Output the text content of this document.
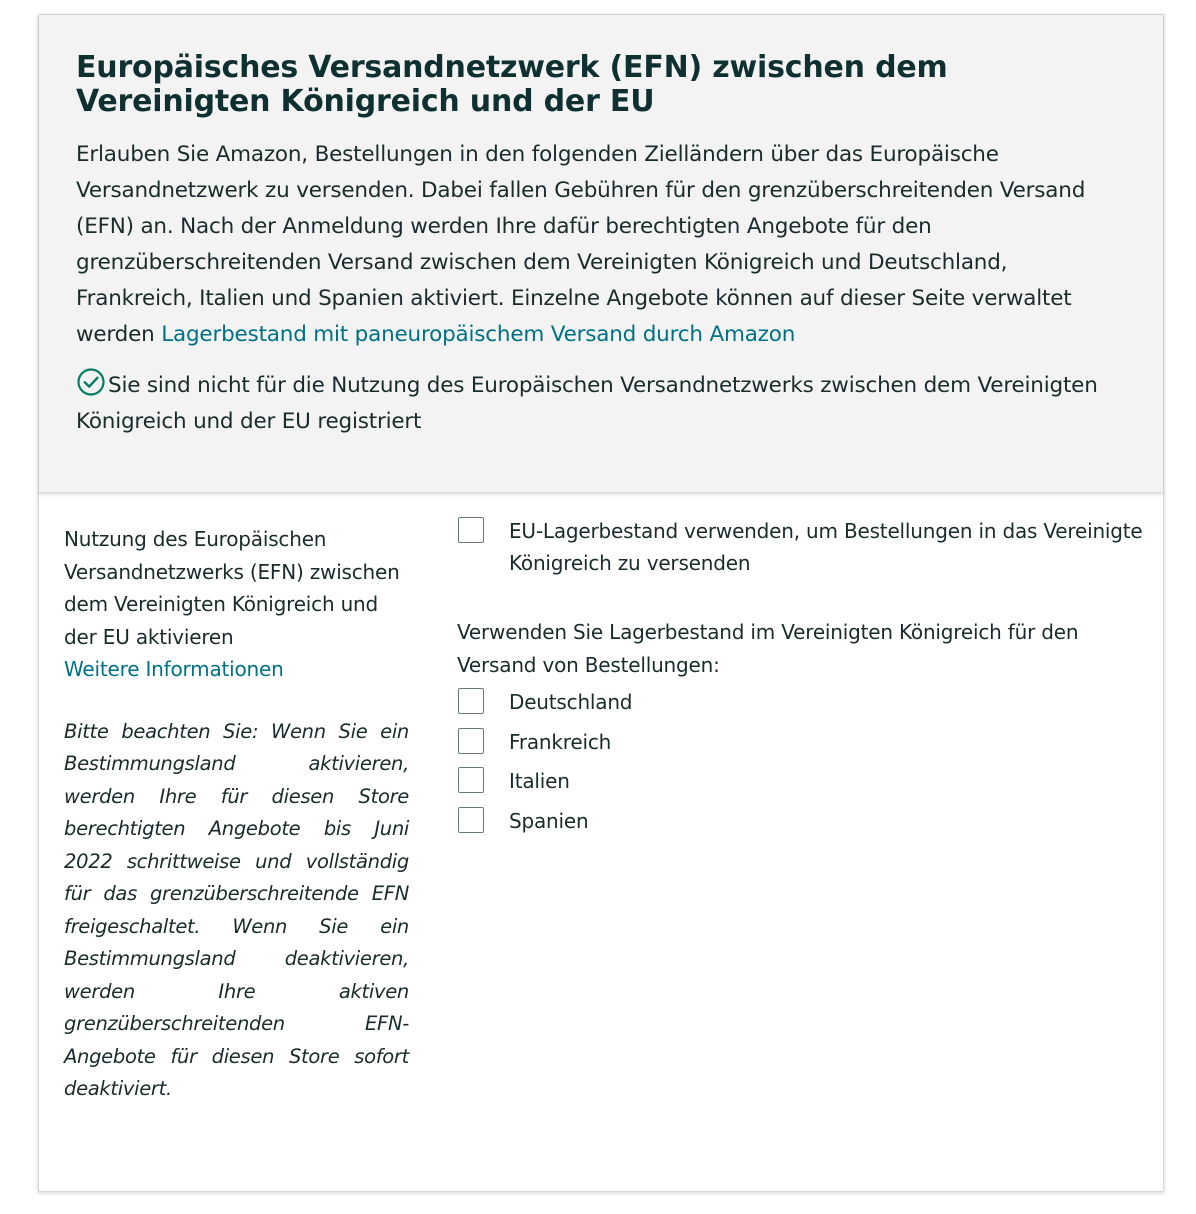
Europäisches Versandnetzwerk (EFN) zwischen dem Vereinigten Königreich und der EU

Erlauben Sie Amazon, Bestellungen in den folgenden Zielländern über das Europäische Versandnetzwerk zu versenden. Dabei fallen Gebühren für den grenzüberschreitenden Versand (EFN) an. Nach der Anmeldung werden Ihre dafür berechtigten Angebote für den grenzüberschreitenden Versand zwischen dem Vereinigten Königreich und Deutschland, Frankreich, Italien und Spanien aktiviert. Einzelne Angebote können auf dieser Seite verwaltet werden Lagerbestand mit paneuropäischem Versand durch Amazon

Sie sind nicht für die Nutzung des Europäischen Versandnetzwerks zwischen dem Vereinigten Königreich und der EU registriert
Nutzung des Europäischen Versandnetzwerks (EFN) zwischen dem Vereinigten Königreich und der EU aktivieren
Weitere Informationen
Bitte beachten Sie: Wenn Sie ein Bestimmungsland aktivieren, werden Ihre für diesen Store berechtigten Angebote bis Juni 2022 schrittweise und vollständig für das grenzüberschreitende EFN freigeschaltet. Wenn Sie ein Bestimmungsland deaktivieren, werden Ihre aktiven grenzüberschreitenden EFN-Angebote für diesen Store sofort deaktiviert.
EU-Lagerbestand verwenden, um Bestellungen in das Vereinigte Königreich zu versenden
Verwenden Sie Lagerbestand im Vereinigten Königreich für den Versand von Bestellungen:
Deutschland
Frankreich
Italien
Spanien
